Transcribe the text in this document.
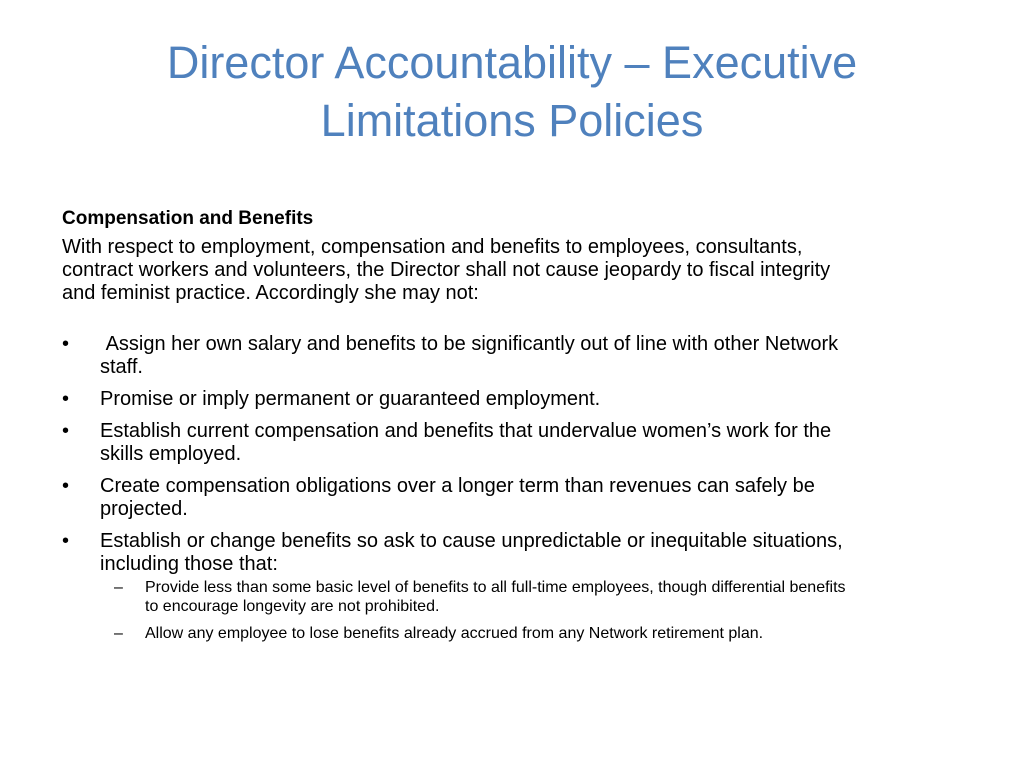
Director Accountability – Executive
Limitations Policies

Compensation and Benefits

With respect to employment, compensation and benefits to employees, consultants, contract workers and volunteers, the Director shall not cause jeopardy to fiscal integrity and feminist practice. Accordingly she may not:

•	Assign her own salary and benefits to be significantly out of line with other Network staff.
•	Promise or imply permanent or guaranteed employment.
•	Establish current compensation and benefits that undervalue women’s work for the skills employed.
•	Create compensation obligations over a longer term than revenues can safely be projected.
•	Establish or change benefits so ask to cause unpredictable or inequitable situations, including those that:
–	Provide less than some basic level of benefits to all full-time employees, though differential benefits to encourage longevity are not prohibited.
–	Allow any employee to lose benefits already accrued from any Network retirement plan.
